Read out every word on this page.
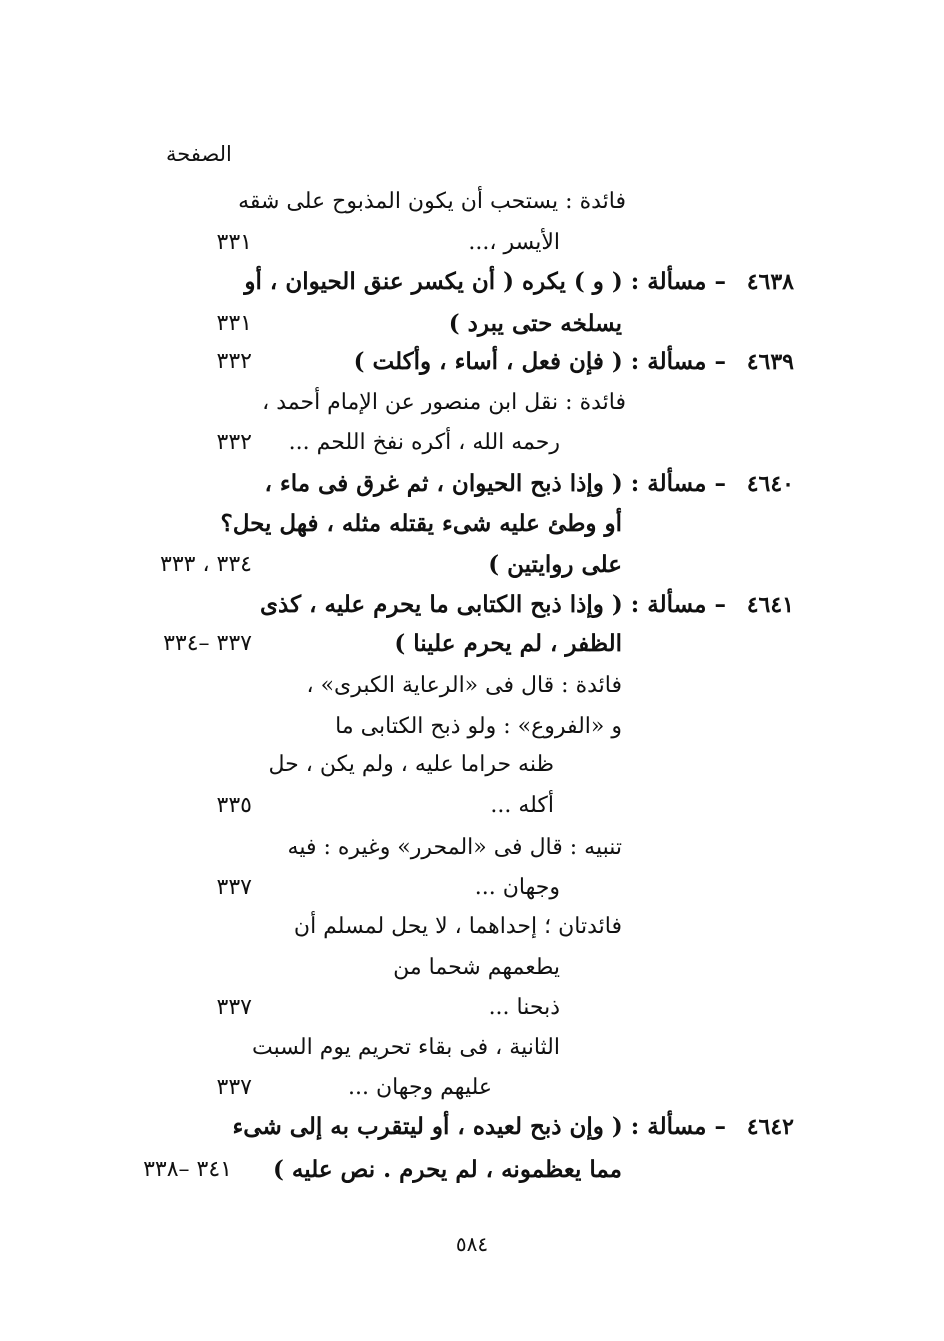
الصفحة
فائدة : يستحب أن يكون المذبوح على شقه
الأيسر ،...
٣٣١
٤٦٣٨
– مسألة : ( و ) يكره ( أن يكسر عنق الحيوان ، أو
يسلخه حتى يبرد )
٣٣١
٤٦٣٩
– مسألة : ( فإن فعل ، أساء ، وأكلت )
٣٣٢
فائدة : نقل ابن منصور عن الإمام أحمد ،
رحمه الله ، أكره نفخ اللحم ...
٣٣٢
٤٦٤٠
– مسألة : ( وإذا ذبح الحيوان ، ثم غرق فى ماء ،
أو وطئ عليه شىء يقتله مثله ، فهل يحل؟
على روايتين )
٣٣٤ ، ٣٣٣
٤٦٤١
– مسألة : ( وإذا ذبح الكتابى ما يحرم عليه ، كذى
الظفر ، لم يحرم علينا )
٣٣٧ –٣٣٤
فائدة : قال فى «الرعاية الكبرى» ،
و «الفروع» : ولو ذبح الكتابى ما
ظنه حراما عليه ، ولم يكن ، حل
أكله ...
٣٣٥
تنبيه : قال فى «المحرر» وغيره : فيه
وجهان ...
٣٣٧
فائدتان ؛ إحداهما ، لا يحل لمسلم أن
يطعمهم شحما من
ذبحنا ...
٣٣٧
الثانية ، فى بقاء تحريم يوم السبت
عليهم وجهان ...
٣٣٧
٤٦٤٢
– مسألة : ( وإن ذبح لعيده ، أو ليتقرب به إلى شىء
مما يعظمونه ، لم يحرم . نص عليه )
٣٤١ –٣٣٨
٥٨٤
